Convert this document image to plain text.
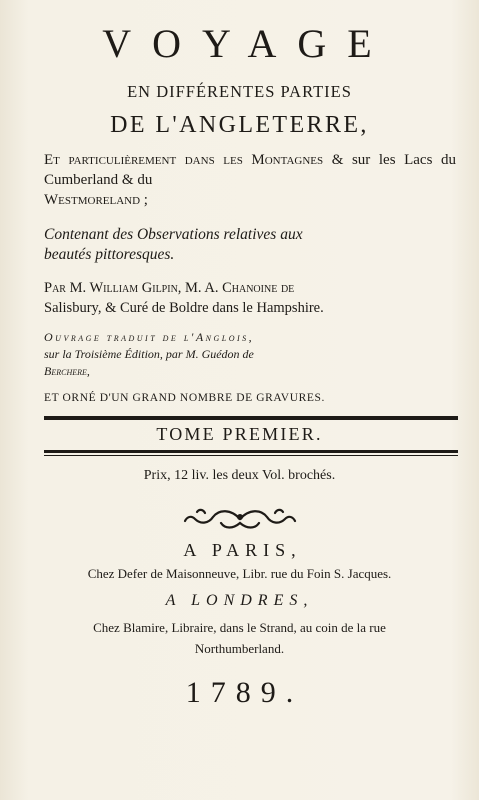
VOYAGE
EN DIFFÉRENTES PARTIES
DE L'ANGLETERRE,
Et particulièrement dans les Montagnes & sur les Lacs du Cumberland & du
Westmoreland ;
Contenant des Observations relatives aux
beautés pittoresques.
Par M. William Gilpin, M. A. Chanoine de
Salisbury, & Curé de Boldre dans le Hampshire.
Ouvrage traduit de l'Anglois,
sur la Troisième Édition, par M. Guédon de
Berchere,
ET ORNÉ D'UN GRAND NOMBRE DE GRAVURES.
TOME PREMIER.
Prix, 12 liv. les deux Vol. brochés.
A PARIS,
Chez Defer de Maisonneuve, Libr. rue du Foin S. Jacques.
A LONDRES,
Chez Blamire, Libraire, dans le Strand, au coin de la rue
Northumberland.
1789.
